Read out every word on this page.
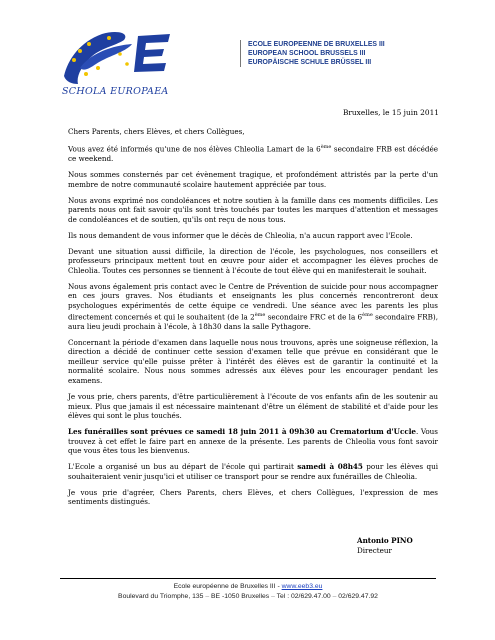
SCHOLA EUROPAEA
ECOLE EUROPEENNE DE BRUXELLES III
EUROPEAN SCHOOL BRUSSELS III
EUROPÄISCHE SCHULE BRÜSSEL III
Bruxelles, le 15 juin 2011

Chers Parents, chers Elèves, et chers Collègues,

Vous avez été informés qu'une de nos élèves Chleolia Lamart de la 6ème secondaire FRB est décédée ce weekend.

Nous sommes consternés par cet évènement tragique, et profondément attristés par la perte d'un membre de notre communauté scolaire hautement appréciée par tous.

Nous avons exprimé nos condoléances et notre soutien à la famille dans ces moments difficiles. Les parents nous ont fait savoir qu'ils sont très touchés par toutes les marques d'attention et messages de condoléances et de soutien, qu'ils ont reçu de nous tous.

Ils nous demandent de vous informer que le décès de Chleolia, n'a aucun rapport avec l'Ecole.

Devant une situation aussi difficile, la direction de l'école, les psychologues, nos conseillers et professeurs principaux mettent tout en œuvre pour aider et accompagner les élèves proches de Chleolia. Toutes ces personnes se tiennent à l'écoute de tout élève qui en manifesterait le souhait.

Nous avons également pris contact avec le Centre de Prévention de suicide pour nous accompagner en ces jours graves. Nos étudiants et enseignants les plus concernés rencontreront deux psychologues expérimentés de cette équipe ce vendredi. Une séance avec les parents les plus directement concernés et qui le souhaitent (de la 2ème secondaire FRC et de la 6ème secondaire FRB), aura lieu jeudi prochain à l'école, à 18h30 dans la salle Pythagore.

Concernant la période d'examen dans laquelle nous nous trouvons, après une soigneuse réflexion, la direction a décidé de continuer cette session d'examen telle que prévue en considérant que le meilleur service qu'elle puisse prêter à l'intérêt des élèves est de garantir la continuité et la normalité scolaire. Nous nous sommes adressés aux élèves pour les encourager pendant les examens.

Je vous prie, chers parents, d'être particulièrement à l'écoute de vos enfants afin de les soutenir au mieux. Plus que jamais il est nécessaire maintenant d'être un élément de stabilité et d'aide pour les élèves qui sont le plus touchés.

Les funérailles sont prévues ce samedi 18 juin 2011 à 09h30 au Crematorium d'Uccle. Vous trouvez à cet effet le faire part en annexe de la présente. Les parents de Chleolia vous font savoir que vous êtes tous les bienvenus.

L'Ecole a organisé un bus au départ de l'école qui partirait samedi à 08h45 pour les élèves qui souhaiteraient venir jusqu'ici et utiliser ce transport pour se rendre aux funérailles de Chleolia.

Je vous prie d'agréer, Chers Parents, chers Elèves, et chers Collègues, l'expression de mes sentiments distingués.

Antonio PINO
Directeur
Ecole européenne de Bruxelles III - www.eeb3.eu
Boulevard du Triomphe, 135 – BE -1050 Bruxelles – Tel : 02/629.47.00 – 02/629.47.92
